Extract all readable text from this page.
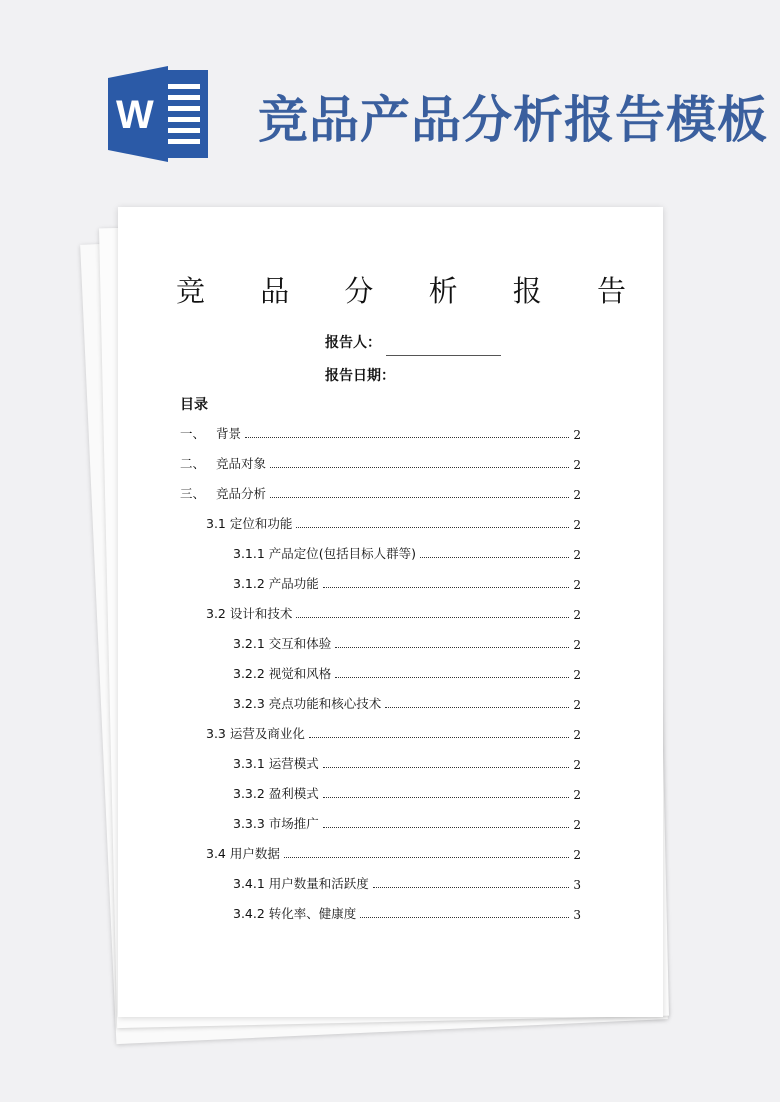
W 竞品产品分析报告模板
竞 品 分 析 报 告
报告人：
报告日期：
目录
一、 背景	2
二、 竞品对象	2
三、 竞品分析	2
3.1 定位和功能	2
3.1.1 产品定位(包括目标人群等)	2
3.1.2 产品功能	2
3.2 设计和技术	2
3.2.1 交互和体验	2
3.2.2 视觉和风格	2
3.2.3 亮点功能和核心技术	2
3.3 运营及商业化	2
3.3.1 运营模式	2
3.3.2 盈利模式	2
3.3.3 市场推广	2
3.4 用户数据	2
3.4.1 用户数量和活跃度	3
3.4.2 转化率、健康度	3
